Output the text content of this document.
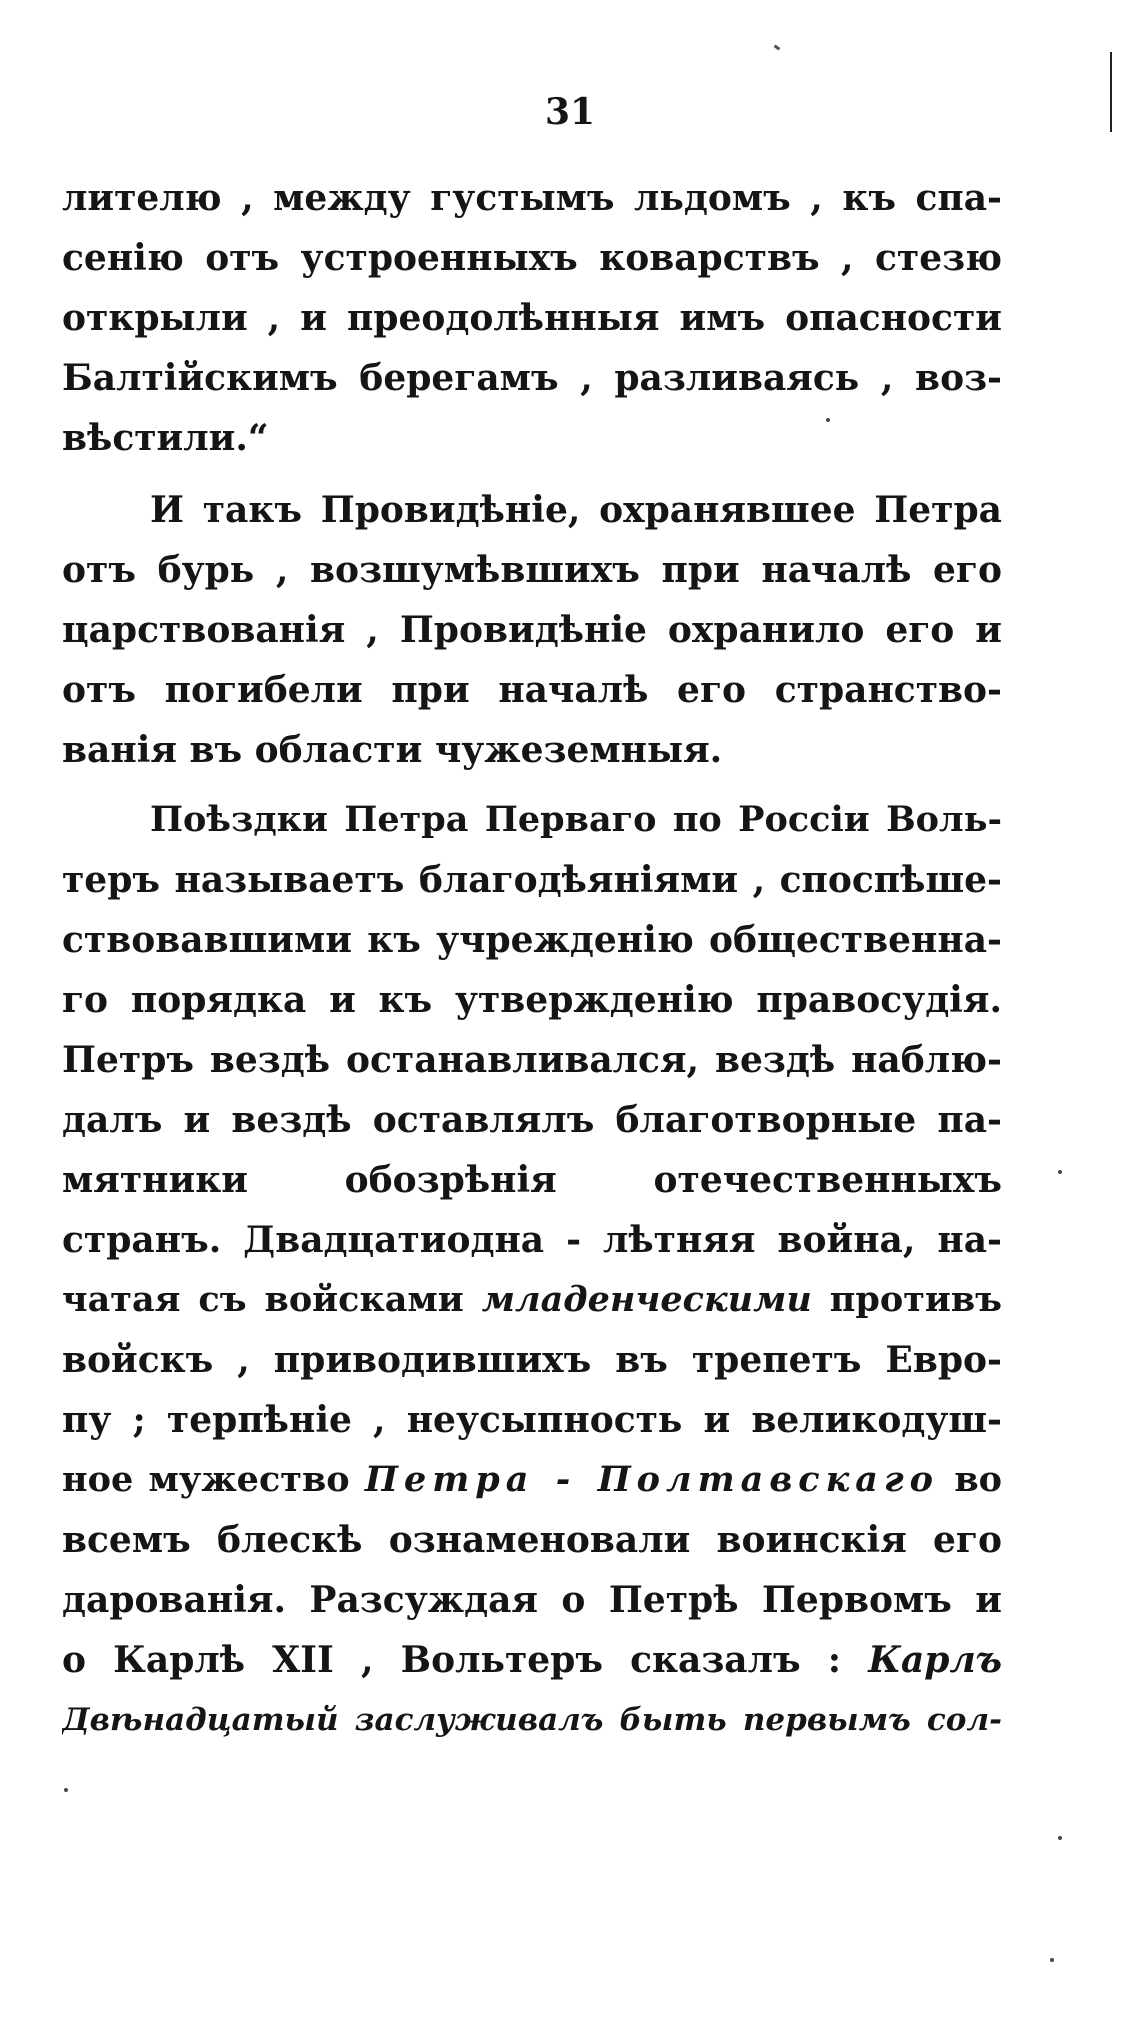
31
лителю , между густымъ льдомъ , къ спа-
сенiю отъ устроенныхъ коварствъ , стезю
открыли , и преодолѣнныя имъ опасности
Балтiйскимъ берегамъ , разливаясь , воз-
вѣстили.“
И такъ Провидѣнiе, охранявшее Петра
отъ бурь , возшумѣвшихъ при началѣ его
царствованiя , Провидѣнiе охранило его и
отъ погибели при началѣ его странство-
ванiя въ области чужеземныя.
Поѣздки Петра Перваго по Россiи Воль-
теръ называетъ благодѣянiями , споспѣше-
ствовавшими къ учрежденiю общественна-
го порядка и къ утвержденiю правосудiя.
Петръ вездѣ останавливался, вездѣ наблю-
далъ и вездѣ оставлялъ благотворные па-
мятники обозрѣнiя отечественныхъ
странъ. Двадцатиодна - лѣтняя война, на-
чатая съ войсками младенческими противъ
войскъ , приводившихъ въ трепетъ Евро-
пу ; терпѣнiе , неусыпность и великодуш-
ное мужество Петра - Полтавскаго во
всемъ блескѣ ознаменовали воинскiя его
дарованiя. Разсуждая о Петрѣ Первомъ и
о Карлѣ XII , Вольтеръ сказалъ : Карлъ
Двѣнадцатый заслуживалъ быть первымъ сол-
